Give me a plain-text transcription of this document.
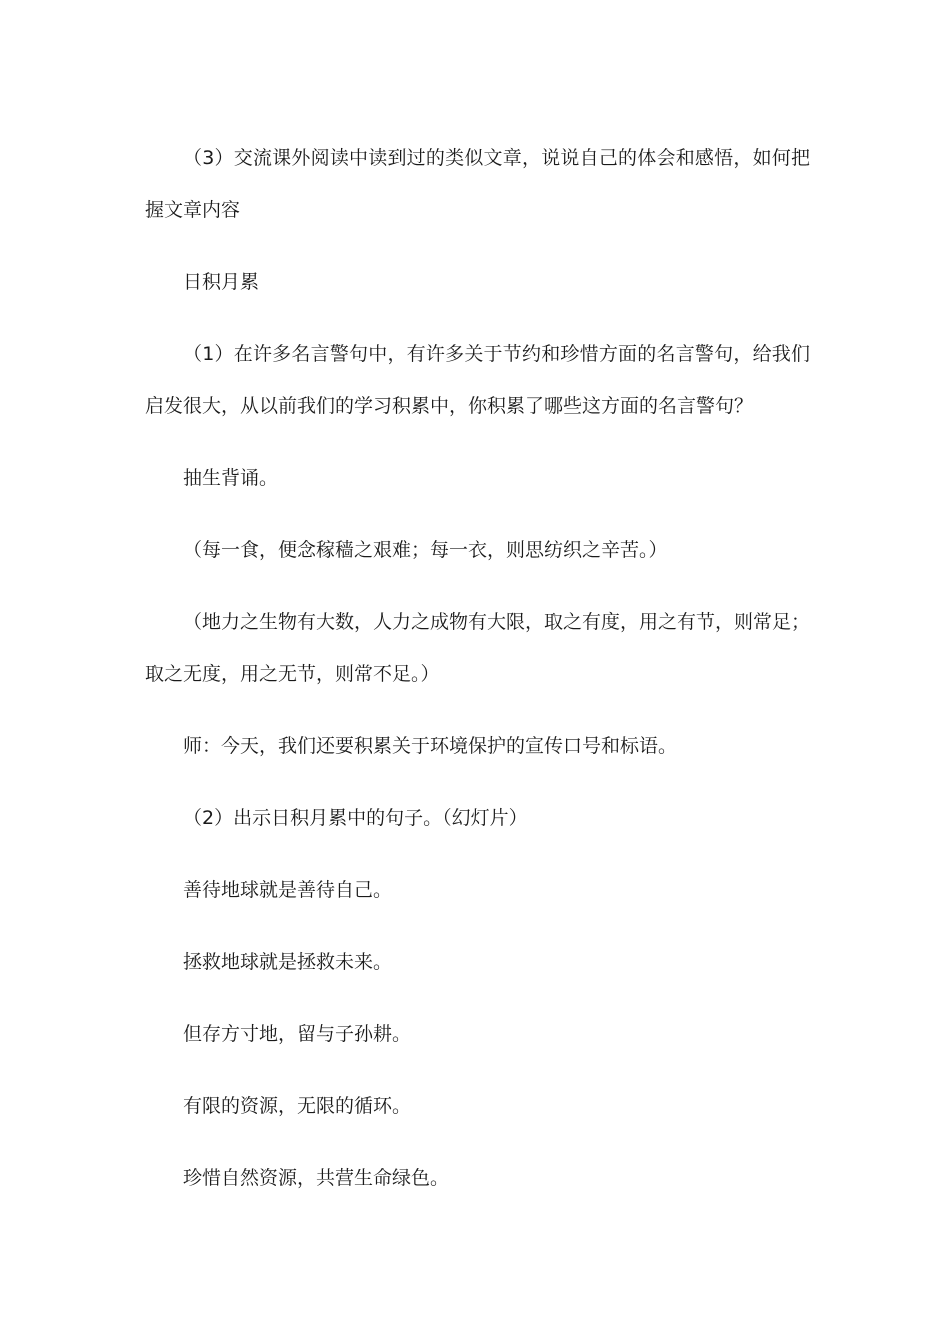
（3）交流课外阅读中读到过的类似文章，说说自己的体会和感悟，如何把握文章内容

日积月累

（1）在许多名言警句中，有许多关于节约和珍惜方面的名言警句，给我们启发很大，从以前我们的学习积累中，你积累了哪些这方面的名言警句？

抽生背诵。

（每一食，便念稼穑之艰难；每一衣，则思纺织之辛苦。）

（地力之生物有大数，人力之成物有大限，取之有度，用之有节，则常足；取之无度，用之无节，则常不足。）

师：今天，我们还要积累关于环境保护的宣传口号和标语。

（2）出示日积月累中的句子。（幻灯片）

善待地球就是善待自己。

拯救地球就是拯救未来。

但存方寸地，留与子孙耕。

有限的资源，无限的循环。

珍惜自然资源，共营生命绿色。
